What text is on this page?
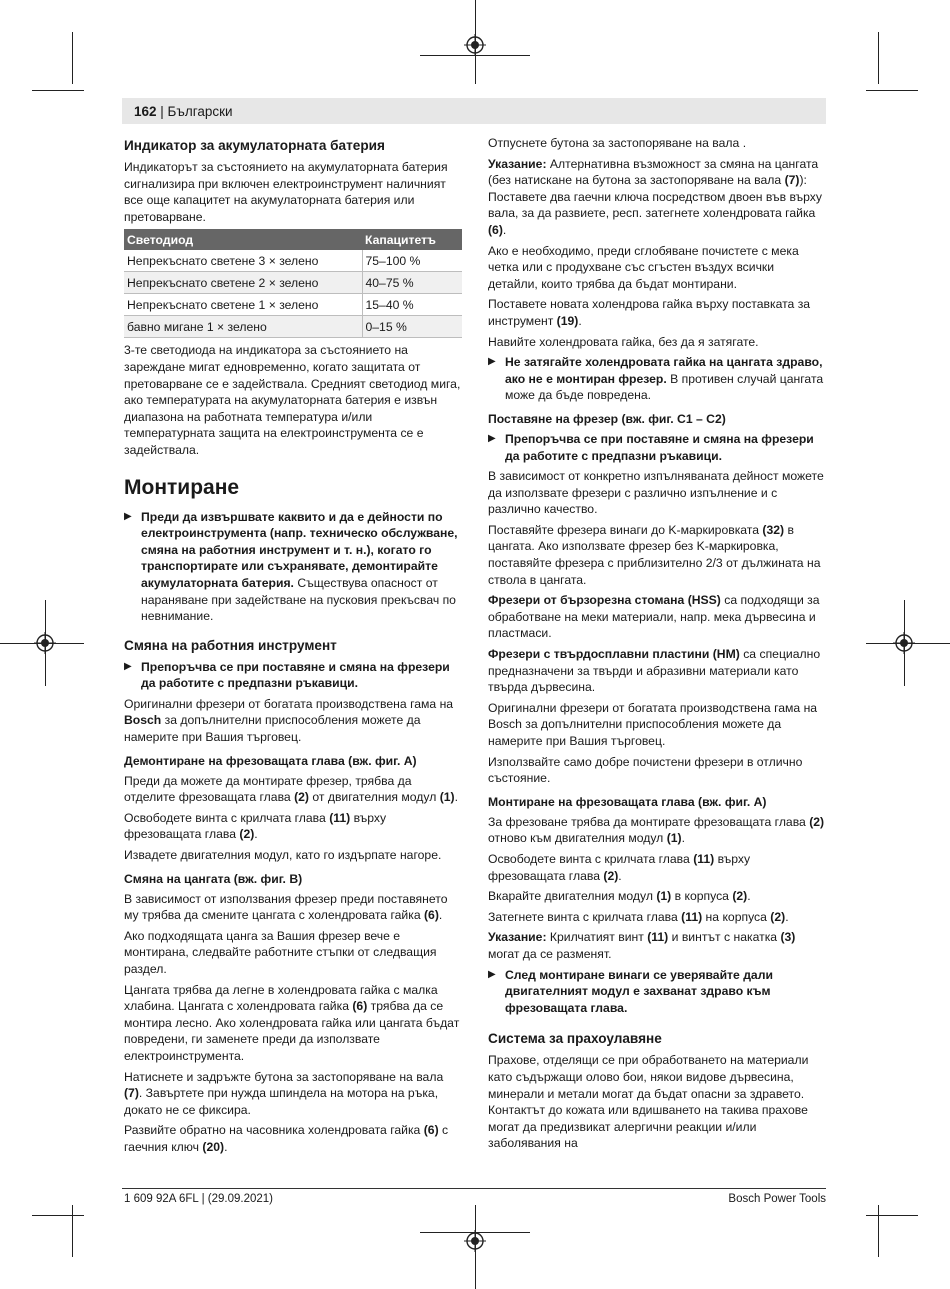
162 | Български
Индикатор за акумулаторната батерия

Индикаторът за състоянието на акумулаторната батерия сигнализира при включен електроинструмент наличният все още капацитет на акумулаторната батерия или претоварване.

Светодиод	Капацитетъ
Непрекъснато светене 3 × зелено	75–100 %
Непрекъснато светене 2 × зелено	40–75 %
Непрекъснато светене 1 × зелено	15–40 %
бавно мигане 1 × зелено	0–15 %

3-те светодиода на индикатора за състоянието на зареждане мигат едновременно, когато защитата от претоварване се е задействала. Средният светодиод мига, ако температурата на акумулаторната батерия е извън диапазона на работната температура и/или температурната защита на електроинструмента се е задействала.

Монтиране
▶ Преди да извършвате каквито и да е дейности по електроинструмента (напр. техническо обслужване, смяна на работния инструмент и т. н.), когато го транспортирате или съхранявате, демонтирайте акумулаторната батерия. Съществува опасност от нараняване при задействане на пусковия прекъсвач по невнимание.
Смяна на работния инструмент
▶ Препоръчва се при поставяне и смяна на фрезери да работите с предпазни ръкавици.

Оригинални фрезери от богатата производствена гама на Bosch за допълнителни приспособления можете да намерите при Вашия търговец.

Демонтиране на фрезоващата глава (вж. фиг. A)

Преди да можете да монтирате фрезер, трябва да отделите фрезоващата глава (2) от двигателния модул (1).

Освободете винта с крилчата глава (11) върху фрезоващата глава (2).

Извадете двигателния модул, като го издърпате нагоре.

Смяна на цангата (вж. фиг. B)

В зависимост от използвания фрезер преди поставянето му трябва да смените цангата с холендровата гайка (6).

Ако подходящата цанга за Вашия фрезер вече е монтирана, следвайте работните стъпки от следващия раздел.

Цангата трябва да легне в холендровата гайка с малка хлабина. Цангата с холендровата гайка (6) трябва да се монтира лесно. Ако холендровата гайка или цангата бъдат повредени, ги заменете преди да използвате електроинструмента.

Натиснете и задръжте бутона за застопоряване на вала (7). Завъртете при нужда шпиндела на мотора на ръка, докато не се фиксира.

Развийте обратно на часовника холендровата гайка (6) с гаечния ключ (20).

Отпуснете бутона за застопоряване на вала .

Указание: Алтернативна възможност за смяна на цангата (без натискане на бутона за застопоряване на вала (7)): Поставете два гаечни ключа посредством двоен във върху вала, за да развиете, респ. затегнете холендровата гайка (6).

Ако е необходимо, преди сглобяване почистете с мека четка или с продухване със сгъстен въздух всички детайли, които трябва да бъдат монтирани.

Поставете новата холендрова гайка върху поставката за инструмент (19).

Навийте холендровата гайка, без да я затягате.

▶ Не затягайте холендровата гайка на цангата здраво, ако не е монтиран фрезер. В противен случай цангата може да бъде повредена.
Поставяне на фрезер (вж. фиг. C1 – C2)
▶ Препоръчва се при поставяне и смяна на фрезери да работите с предпазни ръкавици.

В зависимост от конкретно изпълняваната дейност можете да използвате фрезери с различно изпълнение и с различно качество.

Поставяйте фрезера винаги до K-маркировката (32) в цангата. Ако използвате фрезер без K-маркировка, поставяйте фрезера с приблизително 2/3 от дължината на ствола в цангата.

Фрезери от бързорезна стомана (HSS) са подходящи за обработване на меки материали, напр. мека дървесина и пластмаси.

Фрезери с твърдосплавни пластини (HM) са специално предназначени за твърди и абразивни материали като твърда дървесина.

Оригинални фрезери от богатата производствена гама на Bosch за допълнителни приспособления можете да намерите при Вашия търговец.

Използвайте само добре почистени фрезери в отлично състояние.

Монтиране на фрезоващата глава (вж. фиг. A)

За фрезоване трябва да монтирате фрезоващата глава (2) отново към двигателния модул (1).

Освободете винта с крилчата глава (11) върху фрезоващата глава (2).

Вкарайте двигателния модул (1) в корпуса (2).

Затегнете винта с крилчата глава (11) на корпуса (2).

Указание: Крилчатият винт (11) и винтът с накатка (3) могат да се разменят.

▶ След монтиране винаги се уверявайте дали двигателният модул е захванат здраво към фрезоващата глава.
Система за прахоулавяне

Прахове, отделящи се при обработването на материали като съдържащи олово бои, някои видове дървесина, минерали и метали могат да бъдат опасни за здравето. Контактът до кожата или вдишването на такива прахове могат да предизвикат алергични реакции и/или заболявания на

1 609 92A 6FL | (29.09.2021)	Bosch Power Tools
